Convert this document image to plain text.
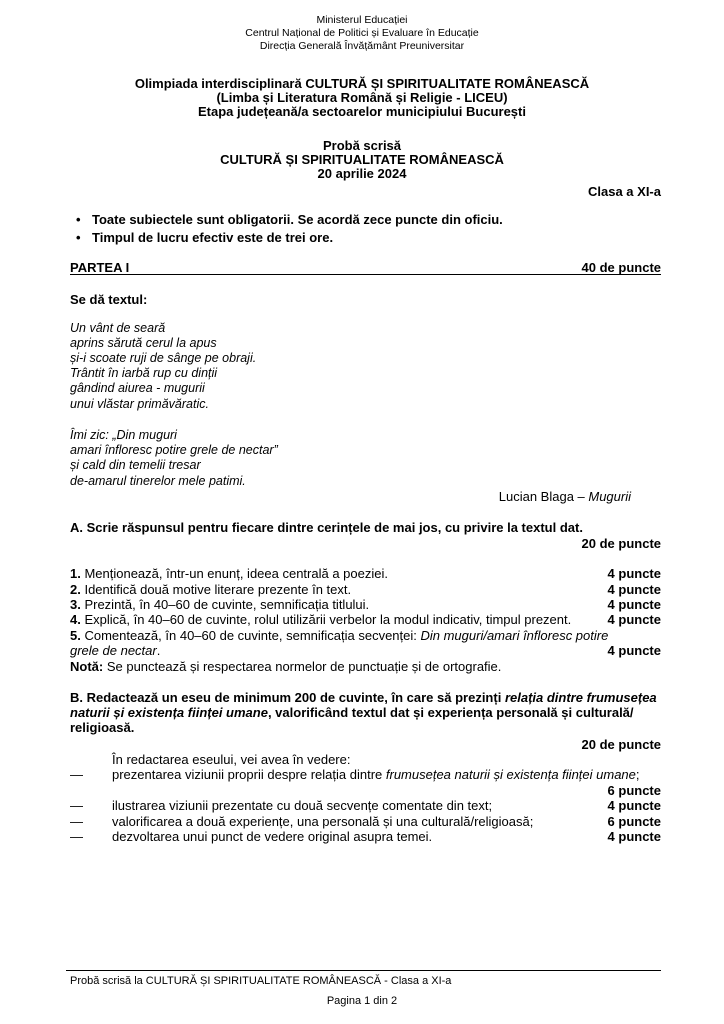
Ministerul Educației
Centrul Național de Politici și Evaluare în Educație
Direcția Generală Învățământ Preuniversitar
Olimpiada interdisciplinară CULTURĂ ȘI SPIRITUALITATE ROMÂNEASCĂ
(Limba și Literatura Română și Religie - LICEU)
Etapa județeană/a sectoarelor municipiului București
Probă scrisă
CULTURĂ ȘI SPIRITUALITATE ROMÂNEASCĂ
20 aprilie 2024
Clasa a XI-a
• Toate subiectele sunt obligatorii. Se acordă zece puncte din oficiu.
• Timpul de lucru efectiv este de trei ore.
PARTEA I	40 de puncte
Se dă textul:
Un vânt de seară
aprins sărută cerul la apus
și-i scoate ruji de sânge pe obraji.
Trântit în iarbă rup cu dinții
gândind aiurea - mugurii
unui vlăstar primăvăratic.
Îmi zic: „Din muguri
amari înfloresc potire grele de nectar”
și cald din temelii tresar
de-amarul tinerelor mele patimi.
Lucian Blaga – Mugurii
A. Scrie răspunsul pentru fiecare dintre cerințele de mai jos, cu privire la textul dat.
20 de puncte
1. Menționează, într-un enunț, ideea centrală a poeziei.	4 puncte
2. Identifică două motive literare prezente în text.	4 puncte
3. Prezintă, în 40–60 de cuvinte, semnificația titlului.	4 puncte
4. Explică, în 40–60 de cuvinte, rolul utilizării verbelor la modul indicativ, timpul prezent.	4 puncte
5. Comentează, în 40–60 de cuvinte, semnificația secvenței: Din muguri/amari înfloresc potire
grele de nectar.	4 puncte
Notă: Se punctează și respectarea normelor de punctuație și de ortografie.
B. Redactează un eseu de minimum 200 de cuvinte, în care să prezinți relația dintre frumusețea
naturii și existența ființei umane, valorificând textul dat și experiența personală și culturală/
religioasă.
20 de puncte
În redactarea eseului, vei avea în vedere:
— prezentarea viziunii proprii despre relația dintre frumusețea naturii și existența ființei umane;
6 puncte
— ilustrarea viziunii prezentate cu două secvențe comentate din text;	4 puncte
— valorificarea a două experiențe, una personală și una culturală/religioasă;	6 puncte
— dezvoltarea unui punct de vedere original asupra temei.	4 puncte
Probă scrisă la CULTURĂ ȘI SPIRITUALITATE ROMÂNEASCĂ - Clasa a XI-a
Pagina 1 din 2
